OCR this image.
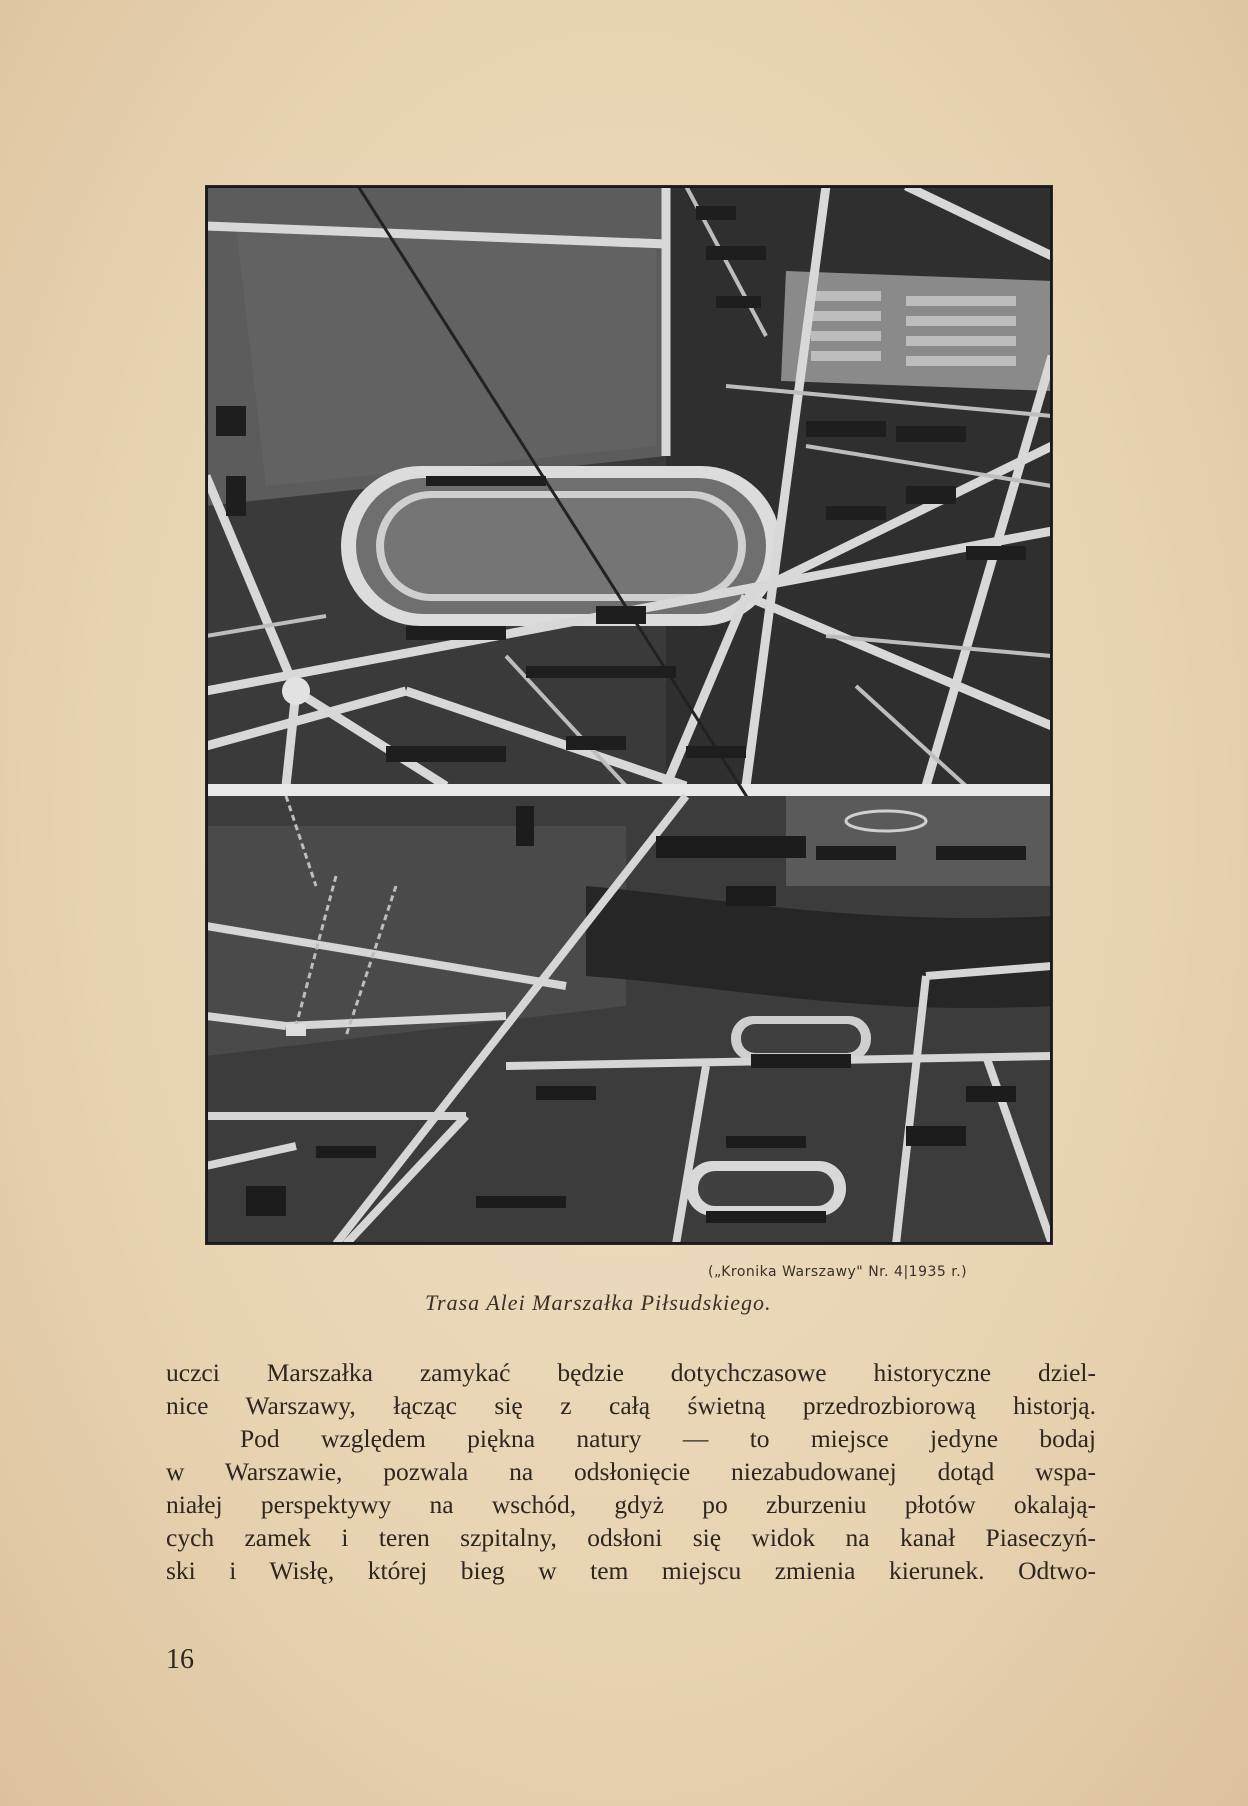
(„Kronika Warszawy" Nr. 4|1935 r.)
Trasa Alei Marszałka Piłsudskiego.
uczci Marszałka zamykać będzie dotychczasowe historyczne dziel-
nice Warszawy, łącząc się z całą świetną przedrozbiorową historją.
Pod względem piękna natury — to miejsce jedyne bodaj
w Warszawie, pozwala na odsłonięcie niezabudowanej dotąd wspa-
niałej perspektywy na wschód, gdyż po zburzeniu płotów okalają-
cych zamek i teren szpitalny, odsłoni się widok na kanał Piaseczyń-
ski i Wisłę, której bieg w tem miejscu zmienia kierunek. Odtwo-
16
